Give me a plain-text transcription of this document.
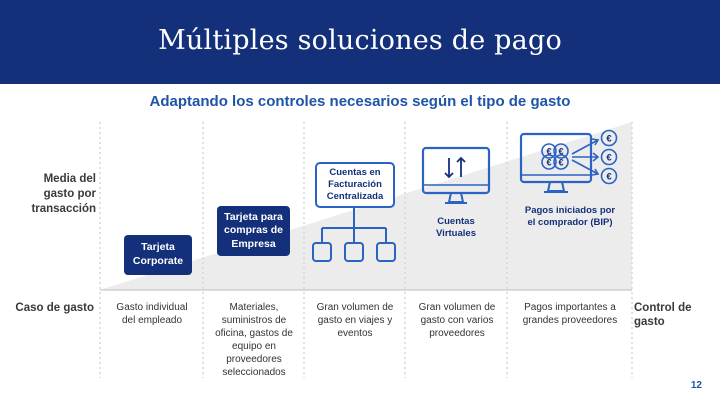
Múltiples soluciones de pago
Adaptando los controles necesarios según el tipo de gasto
€ €
€ €
€
€
€
Media del gasto por transacción
Caso de gasto	Control de gasto
Tarjeta Corporate
Gasto individual del empleado
Tarjeta para compras de Empresa
Materiales, suministros de oficina, gastos de equipo en proveedores seleccionados
Cuentas en Facturación Centralizada
Gran volumen de gasto en viajes y eventos
Cuentas Virtuales
Gran volumen de gasto con varios proveedores
Pagos iniciados por el comprador (BIP)
Pagos importantes a grandes proveedores
12
